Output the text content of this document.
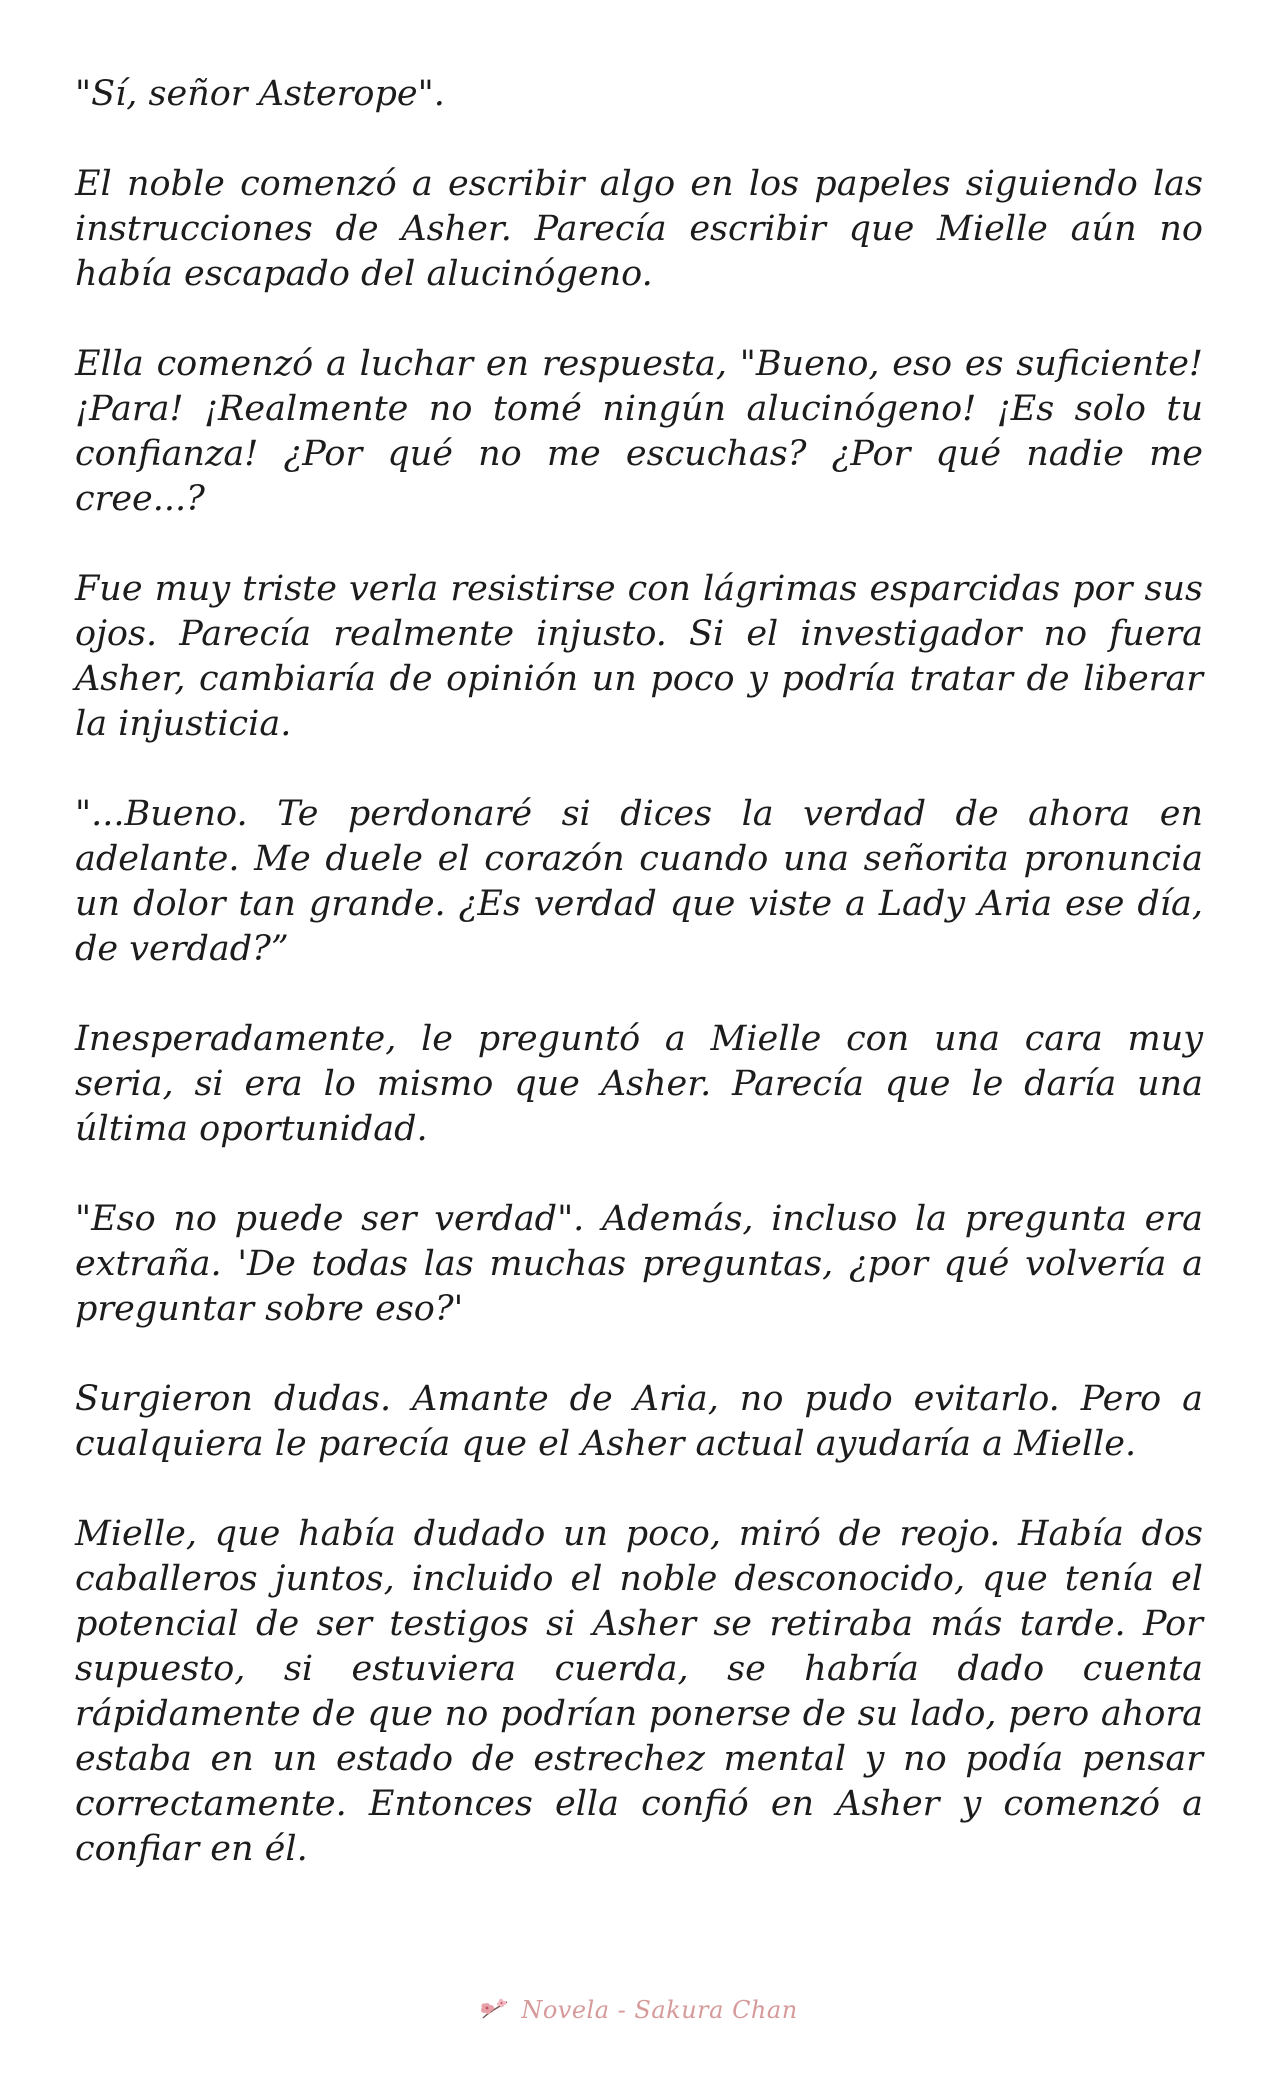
"Sí, señor Asterope".

El noble comenzó a escribir algo en los papeles siguiendo las instrucciones de Asher. Parecía escribir que Mielle aún no había escapado del alucinógeno.

Ella comenzó a luchar en respuesta, "Bueno, eso es suficiente! ¡Para! ¡Realmente no tomé ningún alucinógeno! ¡Es solo tu confianza! ¿Por qué no me escuchas? ¿Por qué nadie me cree...?

Fue muy triste verla resistirse con lágrimas esparcidas por sus ojos. Parecía realmente injusto. Si el investigador no fuera Asher, cambiaría de opinión un poco y podría tratar de liberar la injusticia.

"...Bueno. Te perdonaré si dices la verdad de ahora en adelante. Me duele el corazón cuando una señorita pronuncia un dolor tan grande. ¿Es verdad que viste a Lady Aria ese día, de verdad?”

Inesperadamente, le preguntó a Mielle con una cara muy seria, si era lo mismo que Asher. Parecía que le daría una última oportunidad.

"Eso no puede ser verdad". Además, incluso la pregunta era extraña. 'De todas las muchas preguntas, ¿por qué volvería a preguntar sobre eso?'

Surgieron dudas. Amante de Aria, no pudo evitarlo. Pero a cualquiera le parecía que el Asher actual ayudaría a Mielle.

Mielle, que había dudado un poco, miró de reojo. Había dos caballeros juntos, incluido el noble desconocido, que tenía el potencial de ser testigos si Asher se retiraba más tarde. Por supuesto, si estuviera cuerda, se habría dado cuenta rápidamente de que no podrían ponerse de su lado, pero ahora estaba en un estado de estrechez mental y no podía pensar correctamente. Entonces ella confió en Asher y comenzó a confiar en él.

Novela - Sakura Chan
